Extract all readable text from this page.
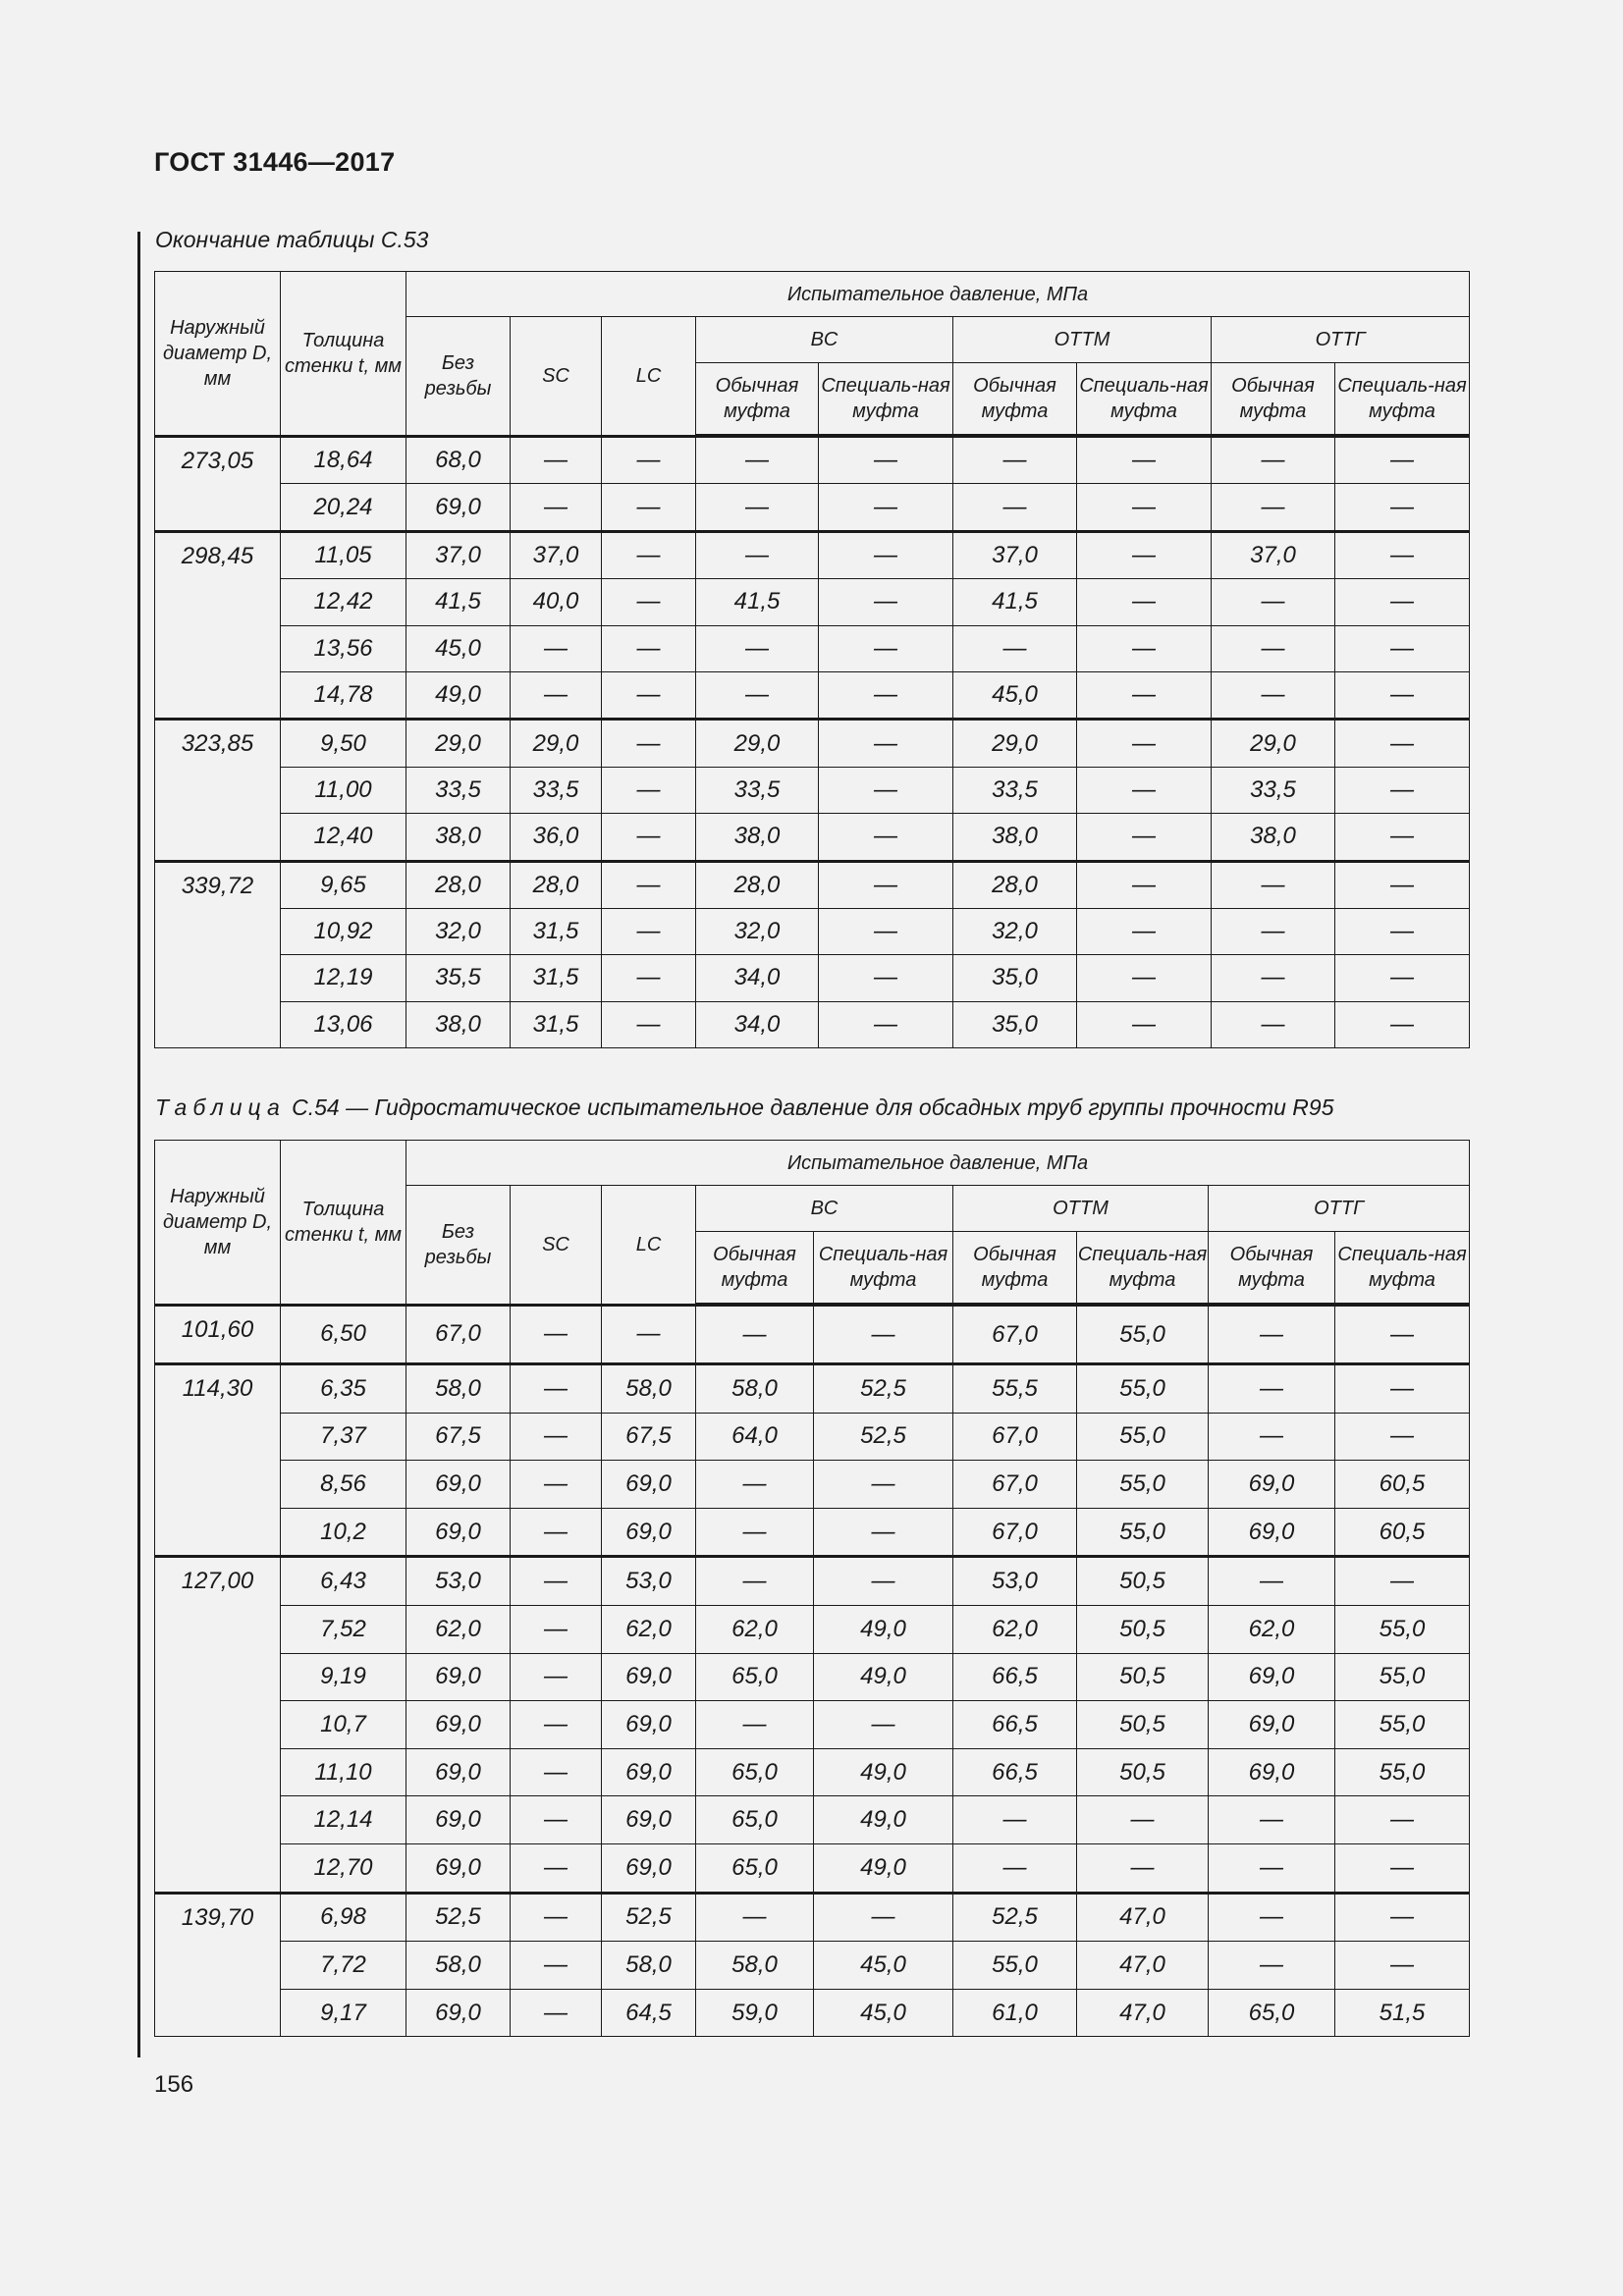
ГОСТ 31446—2017
Окончание таблицы С.53
Наружный диаметр D, мм	Толщина стенки t, мм	Испытательное давление, МПа								
		Без резьбы	SC	LC	BC		ОТТМ		ОТТГ	
					Обычная муфта	Специаль-ная муфта	Обычная муфта	Специаль-ная муфта	Обычная муфта	Специаль-ная муфта
273,05	18,64	68,0	—	—	—	—	—	—	—	—
	20,24	69,0	—	—	—	—	—	—	—	—
298,45	11,05	37,0	37,0	—	—	—	37,0	—	37,0	—
	12,42	41,5	40,0	—	41,5	—	41,5	—	—	—
	13,56	45,0	—	—	—	—	—	—	—	—
	14,78	49,0	—	—	—	—	45,0	—	—	—
323,85	9,50	29,0	29,0	—	29,0	—	29,0	—	29,0	—
	11,00	33,5	33,5	—	33,5	—	33,5	—	33,5	—
	12,40	38,0	36,0	—	38,0	—	38,0	—	38,0	—
339,72	9,65	28,0	28,0	—	28,0	—	28,0	—	—	—
	10,92	32,0	31,5	—	32,0	—	32,0	—	—	—
	12,19	35,5	31,5	—	34,0	—	35,0	—	—	—
	13,06	38,0	31,5	—	34,0	—	35,0	—	—	—
Таблица С.54 — Гидростатическое испытательное давление для обсадных труб группы прочности R95
Наружный диаметр D, мм	Толщина стенки t, мм	Испытательное давление, МПа								
		Без резьбы	SC	LC	BC		ОТТМ		ОТТГ	
					Обычная муфта	Специаль-ная муфта	Обычная муфта	Специаль-ная муфта	Обычная муфта	Специаль-ная муфта
101,60	6,50	67,0	—	—	—	—	67,0	55,0	—	—
114,30	6,35	58,0	—	58,0	58,0	52,5	55,5	55,0	—	—
	7,37	67,5	—	67,5	64,0	52,5	67,0	55,0	—	—
	8,56	69,0	—	69,0	—	—	67,0	55,0	69,0	60,5
	10,2	69,0	—	69,0	—	—	67,0	55,0	69,0	60,5
127,00	6,43	53,0	—	53,0	—	—	53,0	50,5	—	—
	7,52	62,0	—	62,0	62,0	49,0	62,0	50,5	62,0	55,0
	9,19	69,0	—	69,0	65,0	49,0	66,5	50,5	69,0	55,0
	10,7	69,0	—	69,0	—	—	66,5	50,5	69,0	55,0
	11,10	69,0	—	69,0	65,0	49,0	66,5	50,5	69,0	55,0
	12,14	69,0	—	69,0	65,0	49,0	—	—	—	—
	12,70	69,0	—	69,0	65,0	49,0	—	—	—	—
139,70	6,98	52,5	—	52,5	—	—	52,5	47,0	—	—
	7,72	58,0	—	58,0	58,0	45,0	55,0	47,0	—	—
	9,17	69,0	—	64,5	59,0	45,0	61,0	47,0	65,0	51,5
156
